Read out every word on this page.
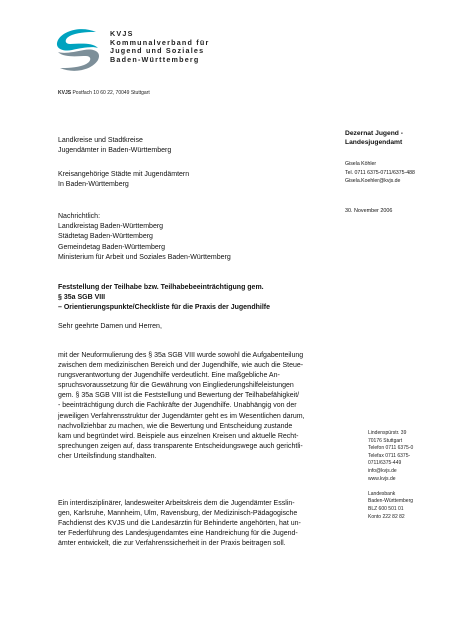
KVJS
Kommunalverband für
Jugend und Soziales
Baden-Württemberg
KVJS Postfach 10 60 22, 70049 Stuttgart
Landkreise und Stadtkreise
Jugendämter in Baden-Württemberg
Kreisangehörige Städte mit Jugendämtern
In Baden-Württemberg
Nachrichtlich:
Landkreistag Baden-Württemberg
Städtetag Baden-Württemberg
Gemeindetag Baden-Württemberg
Ministerium für Arbeit und Soziales Baden-Württemberg
Dezernat Jugend -
Landesjugendamt
Gisela Köhler
Tel. 0711 6375-0711/6375-488
Gisela.Koehler@kvjs.de
30. November 2006
Feststellung der Teilhabe bzw. Teilhabebeeinträchtigung gem.
§ 35a SGB VIII
– Orientierungspunkte/Checkliste für die Praxis der Jugendhilfe
Sehr geehrte Damen und Herren,
mit der Neuformulierung des § 35a SGB VIII wurde sowohl die Aufgabenteilung
zwischen dem medizinischen Bereich und der Jugendhilfe, wie auch die Steue-
rungsverantwortung der Jugendhilfe verdeutlicht. Eine maßgebliche An-
spruchsvoraussetzung für die Gewährung von Eingliederungshilfeleistungen
gem. § 35a SGB VIII ist die Feststellung und Bewertung der Teilhabefähigkeit/
- beeinträchtigung durch die Fachkräfte der Jugendhilfe. Unabhängig von der
jeweiligen Verfahrensstruktur der Jugendämter geht es im Wesentlichen darum,
nachvollziehbar zu machen, wie die Bewertung und Entscheidung zustande
kam und begründet wird. Beispiele aus einzelnen Kreisen und aktuelle Recht-
sprechungen zeigen auf, dass transparente Entscheidungswege auch gerichtli-
cher Urteilsfindung standhalten.
Ein interdisziplinärer, landesweiter Arbeitskreis dem die Jugendämter Esslin-
gen, Karlsruhe, Mannheim, Ulm, Ravensburg, der Medizinisch-Pädagogische
Fachdienst des KVJS und die Landesärztin für Behinderte angehörten, hat un-
ter Federführung des Landesjugendamtes eine Handreichung für die Jugend-
ämter entwickelt, die zur Verfahrenssicherheit in der Praxis beitragen soll.
Lindenspürstr. 39
70176 Stuttgart
Telefon 0711 6375-0
Telefax 0711 6375-
0711/6375-449
info@kvjs.de
www.kvjs.de
Landesbank
Baden-Württemberg
BLZ 600 501 01
Konto 222 82 82
